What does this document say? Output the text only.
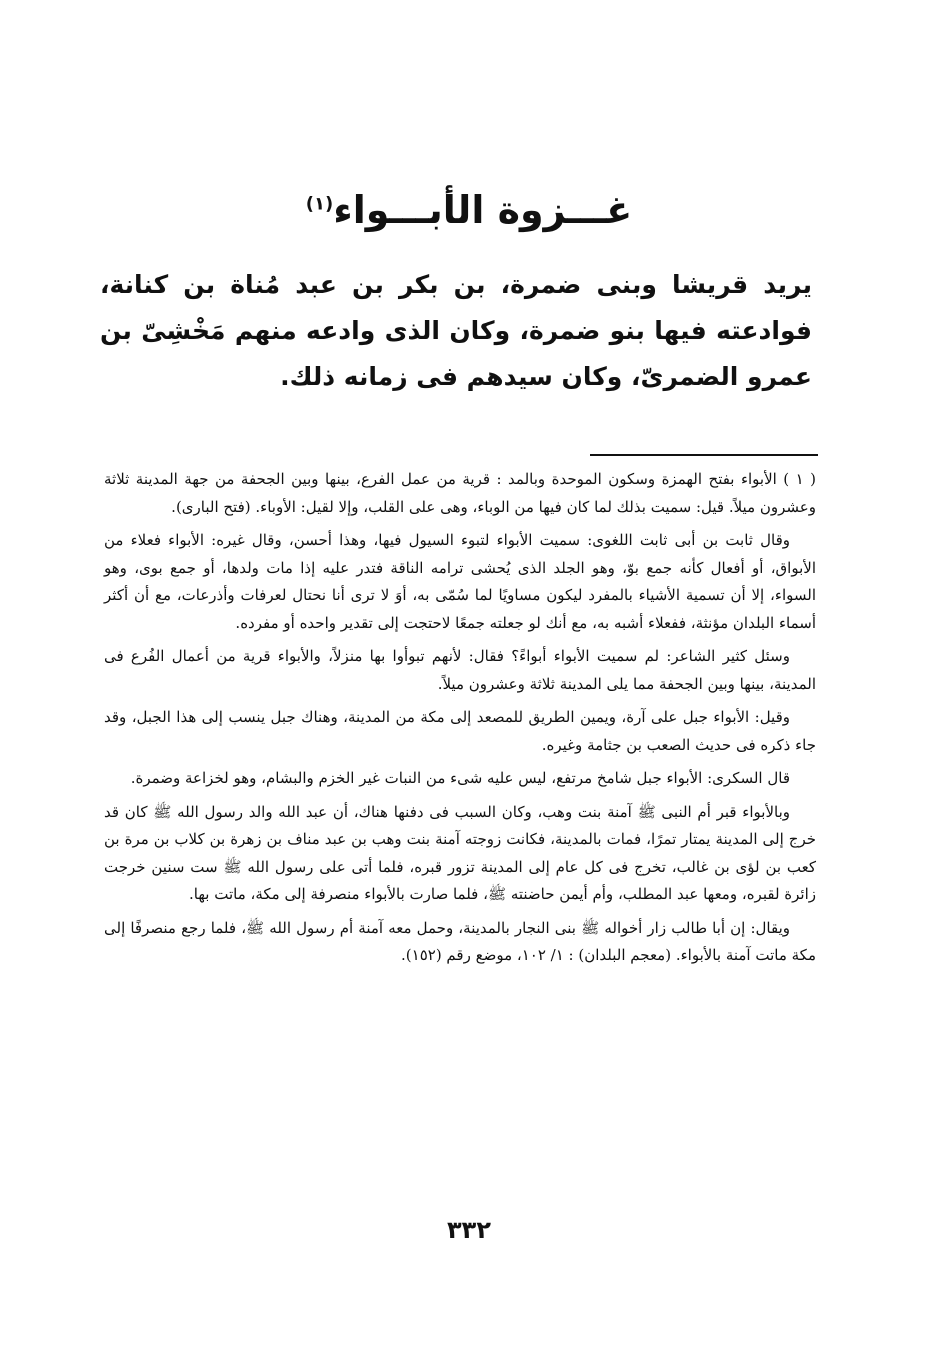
غـــزوة الأبـــواء$^{(١)}$
يريد قريشا وبنى ضمرة، بن بكر بن عبد مُناة بن كنانة، فوادعته فيها بنو ضمرة، وكان الذى وادعه منهم مَخْشِىّ بن عمرو الضمرىّ، وكان سيدهم فى زمانه ذلك.

( ١ ) الأبواء بفتح الهمزة وسكون الموحدة وبالمد : قرية من عمل الفرع، بينها وبين الجحفة من جهة المدينة ثلاثة وعشرون ميلاً. قيل: سميت بذلك لما كان فيها من الوباء، وهى على القلب، وإلا لقيل: الأوباء. (فتح البارى).

وقال ثابت بن أبى ثابت اللغوى: سميت الأبواء لتبوء السيول فيها، وهذا أحسن، وقال غيره: الأبواء فعلاء من الأبواق، أو أفعال كأنه جمع بوّ، وهو الجلد الذى يُحشى ترامه الناقة فتدر عليه إذا مات ولدها، أو جمع بوى، وهو السواء، إلا أن تسمية الأشياء بالمفرد ليكون مساويًا لما سُمّى به، أوَ لا ترى أنا نحتال لعرفات وأذرعات، مع أن أكثر أسماء البلدان مؤنثة، ففعلاء أشبه به، مع أنك لو جعلته جمعًا لاحتجت إلى تقدير واحده أو مفرده.

وسئل كثير الشاعر: لم سميت الأبواء أبواءً؟ فقال: لأنهم تبوأوا بها منزلاً، والأبواء قرية من أعمال الفُرع فى المدينة، بينها وبين الجحفة مما يلى المدينة ثلاثة وعشرون ميلاً.

وقيل: الأبواء جبل على آرة، ويمين الطريق للمصعد إلى مكة من المدينة، وهناك جبل ينسب إلى هذا الجبل، وقد جاء ذكره فى حديث الصعب بن جثامة وغيره.

قال السكرى: الأبواء جبل شامخ مرتفع، ليس عليه شىء من النبات غير الخزم والبشام، وهو لخزاعة وضمرة.

وبالأبواء قبر أم النبى ﷺ آمنة بنت وهب، وكان السبب فى دفنها هناك، أن عبد الله والد رسول الله ﷺ كان قد خرج إلى المدينة يمتار تمرًا، فمات بالمدينة، فكانت زوجته آمنة بنت وهب بن عبد مناف بن زهرة بن كلاب بن مرة بن كعب بن لؤى بن غالب، تخرج فى كل عام إلى المدينة تزور قبره، فلما أتى على رسول الله ﷺ ست سنين خرجت زائرة لقبره، ومعها عبد المطلب، وأم أيمن حاضنته ﷺ، فلما صارت بالأبواء منصرفة إلى مكة، ماتت بها.

ويقال: إن أبا طالب زار أخواله ﷺ بنى النجار بالمدينة، وحمل معه آمنة أم رسول الله ﷺ، فلما رجع منصرفًا إلى مكة ماتت آمنة بالأبواء. (معجم البلدان) : ١/ ١٠٢، موضع رقم (١٥٢).

٣٣٢
